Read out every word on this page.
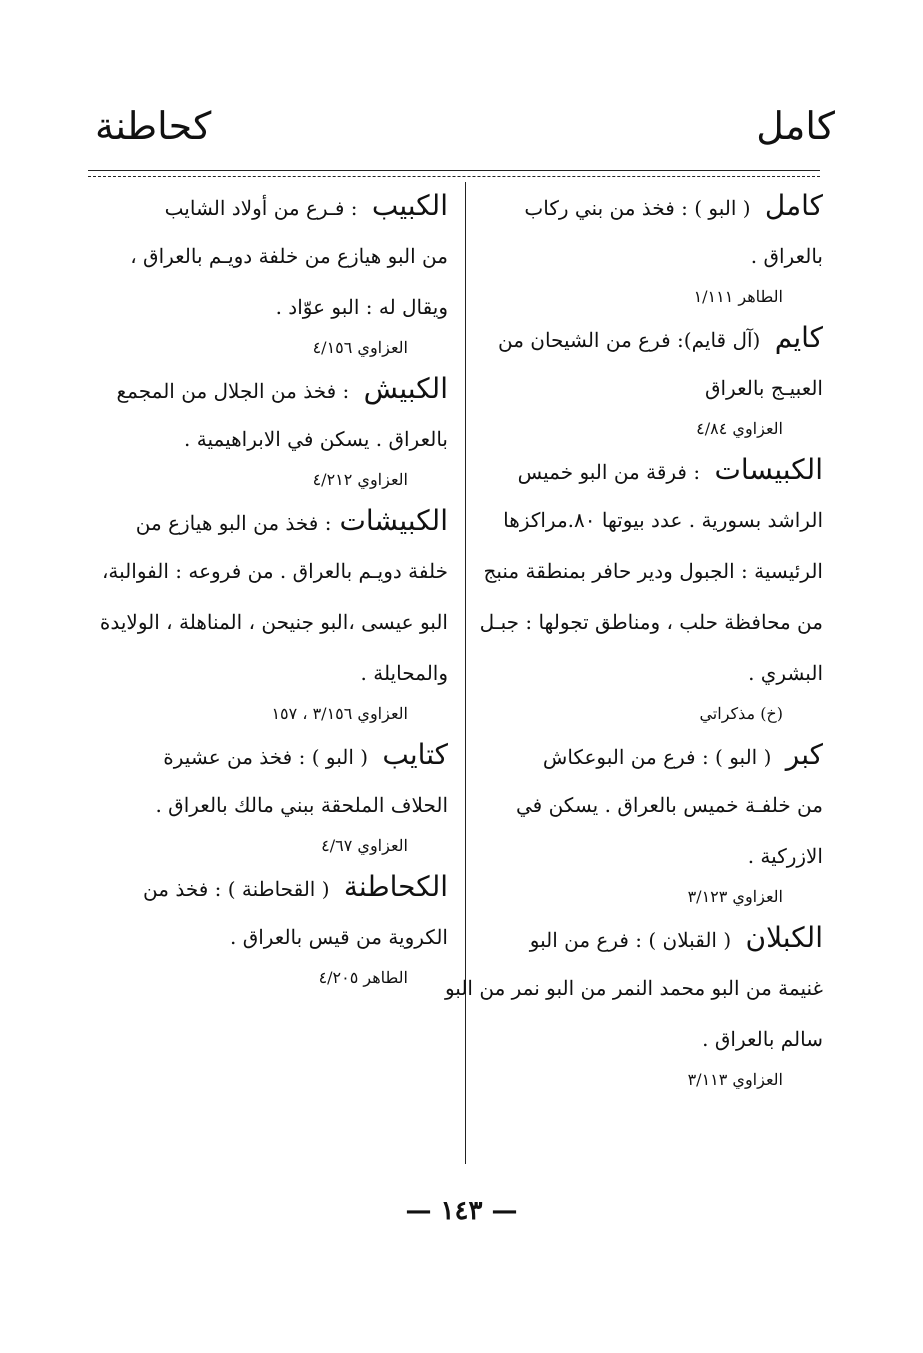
كامل
كحاطنة
كامل ( البو ) : فخذ من بني ركاب
بالعراق .
الطاهر ١/١١١
كايم (آل قايم): فرع من الشيحان من
العبيـج بالعراق
العزاوي ٤/٨٤
الكبيسات : فرقة من البو خميس
الراشد بسورية . عدد بيوتها ٨٠.مراكزها
الرئيسية : الجبول ودير حافر بمنطقة منبج
من محافظة حلب ، ومناطق تجولها : جبـل
البشري .
(خ) مذكراتي
كبر ( البو ) : فرع من البوعكاش
من خلفـة خميس بالعراق . يسكن في
الازركية .
العزاوي ٣/١٢٣
الكبلان ( القبلان ) : فرع من البو
غنيمة من البو محمد النمر من البو نمر من البو
سالم بالعراق .
العزاوي ٣/١١٣
الكبيب : فـرع من أولاد الشايب
من البو هيازع من خلفة دويـم بالعراق ،
ويقال له : البو عوّاد .
العزاوي ٤/١٥٦
الكبيش : فخذ من الجلال من المجمع
بالعراق . يسكن في الابراهيمية .
العزاوي ٤/٢١٢
الكبيشات: فخذ من البو هيازع من
خلفة دويـم بالعراق . من فروعه : الفوالبة،
البو عيسى ،البو جنيحن ، المناهلة ، الولايدة
والمحايلة .
العزاوي ٣/١٥٦ ، ١٥٧
كتايب ( البو ) : فخذ من عشيرة
الحلاف الملحقة ببني مالك بالعراق .
العزاوي ٤/٦٧
الكحاطنة ( القحاطنة ) : فخذ من
الكروية من قيس بالعراق .
الطاهر ٤/٢٠٥
— ١٤٣ —
